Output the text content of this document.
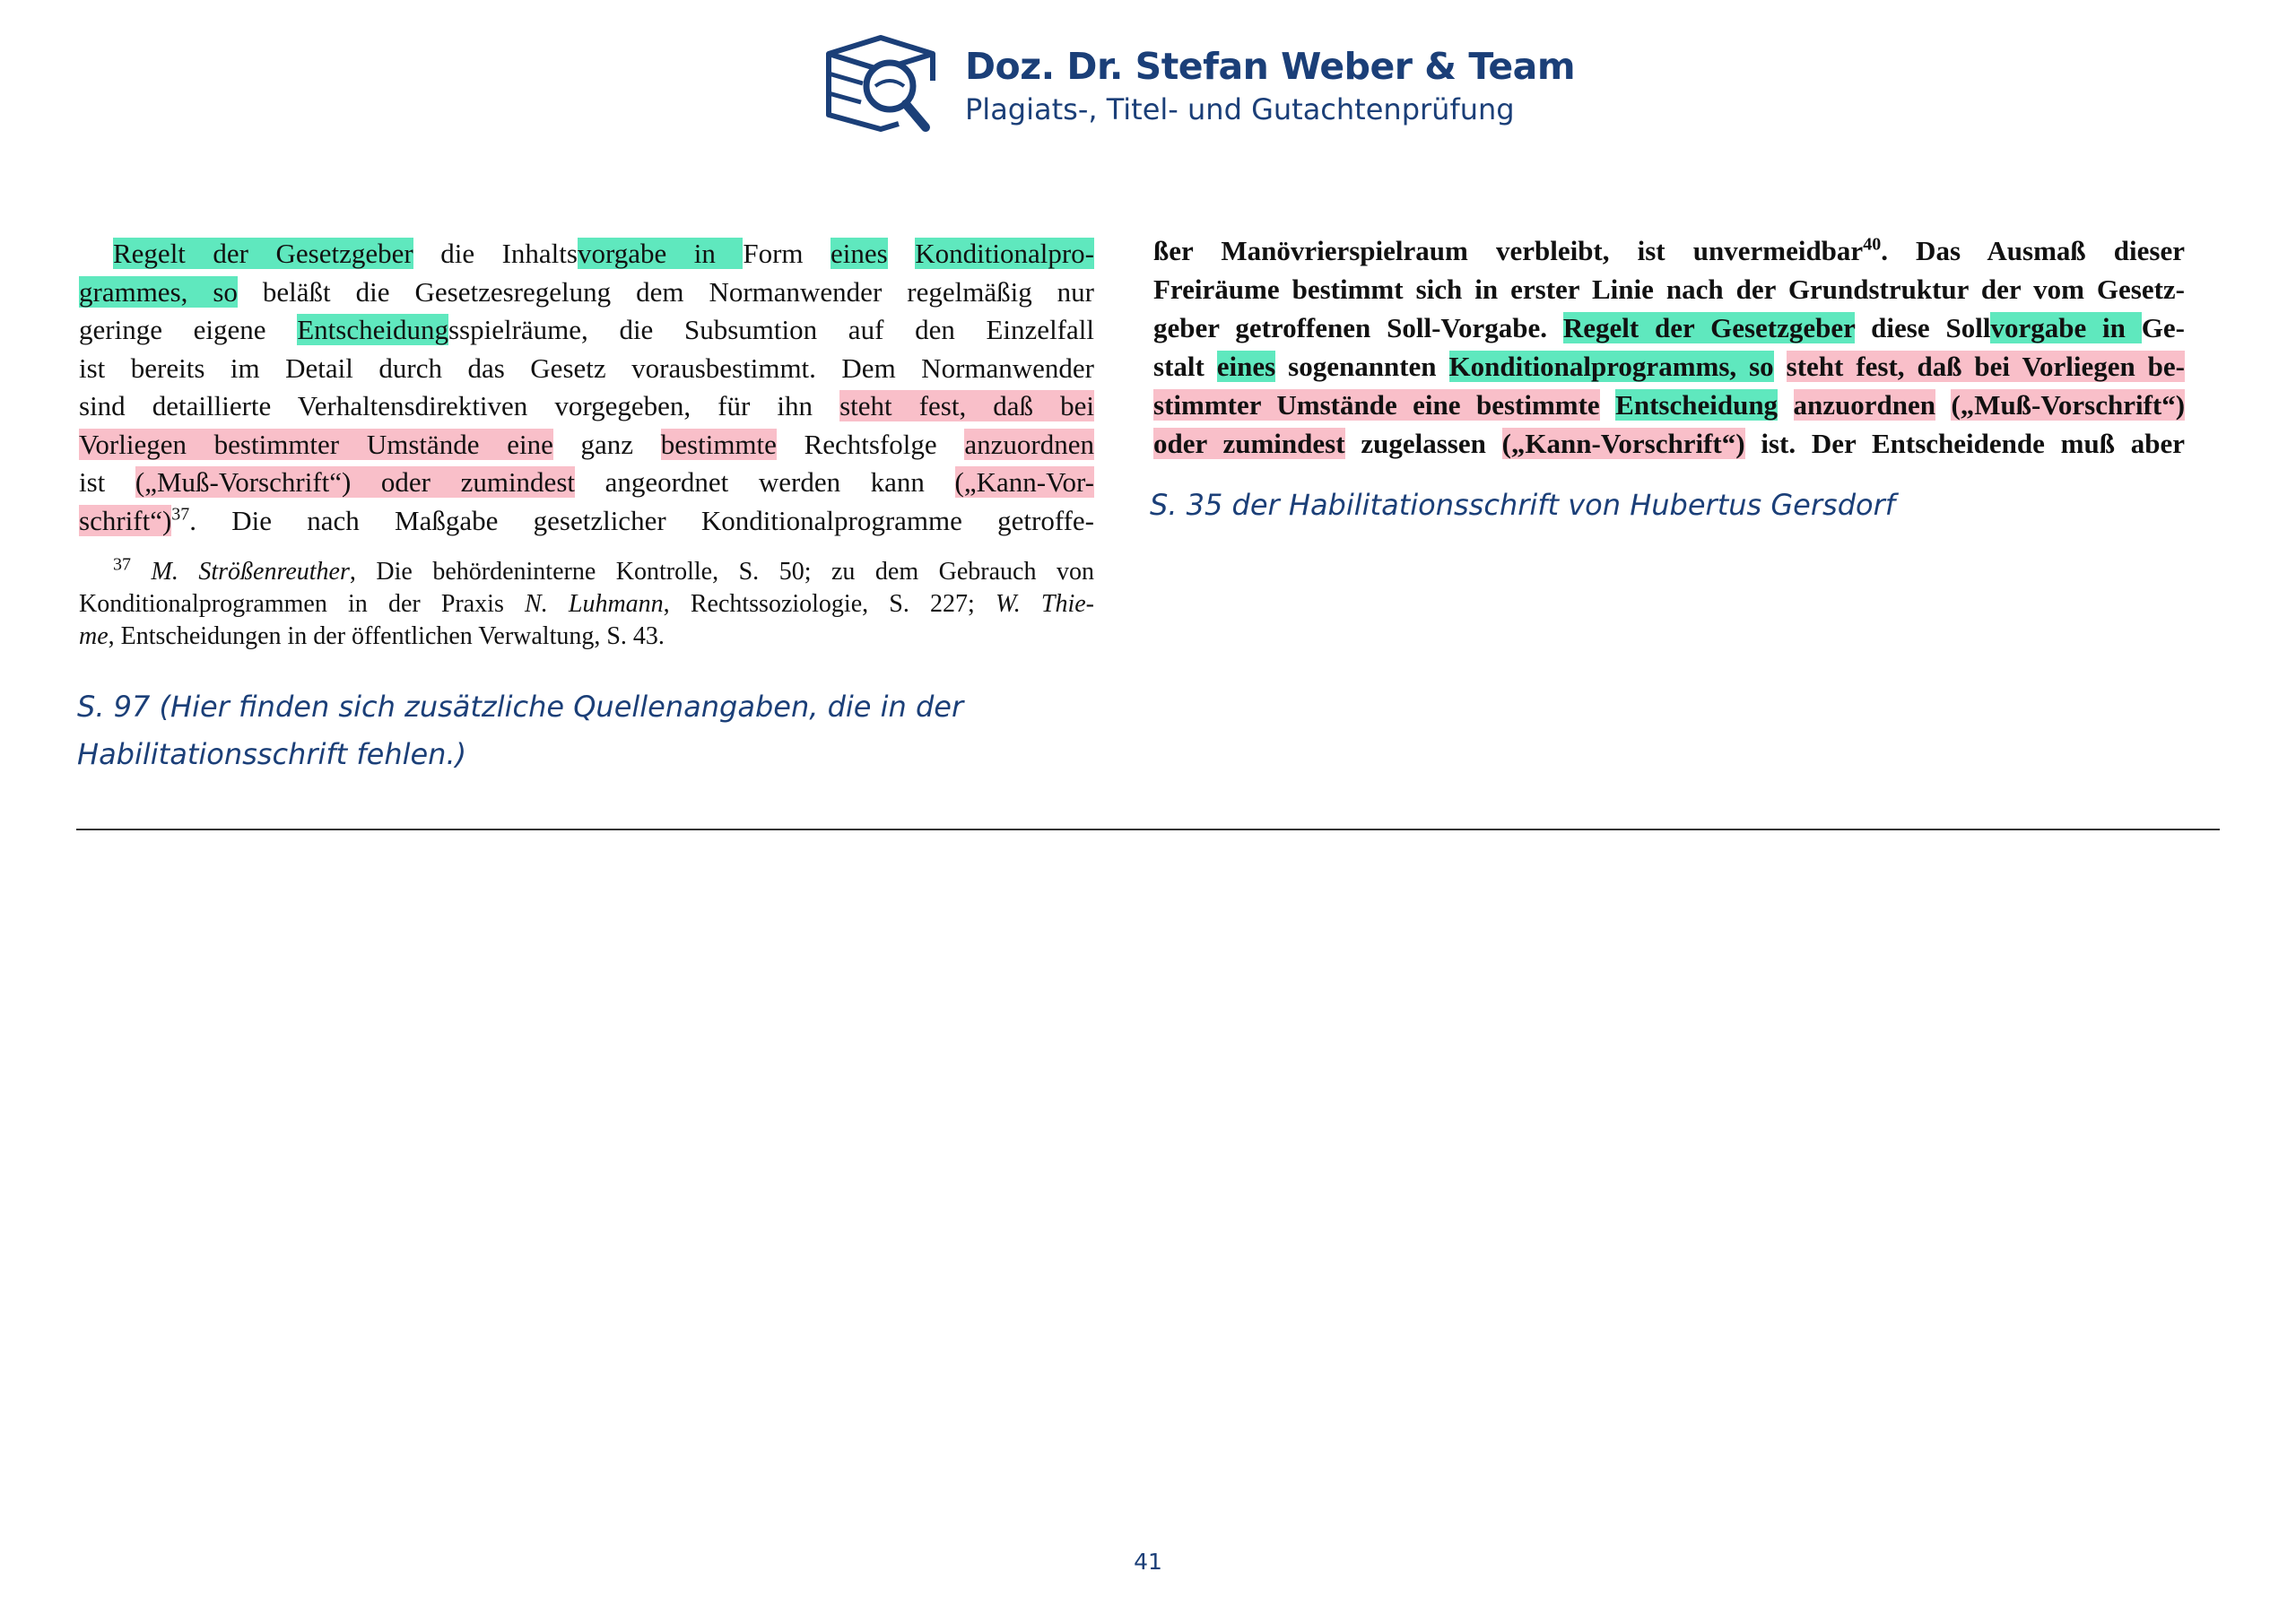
Doz. Dr. Stefan Weber & Team
Plagiats-, Titel- und Gutachtenprüfung
Regelt der Gesetzgeber die Inhaltsvorgabe in Form eines Konditionalpro-
grammes, so beläßt die Gesetzesregelung dem Normanwender regelmäßig nur
geringe eigene Entscheidungsspielräume, die Subsumtion auf den Einzelfall
ist bereits im Detail durch das Gesetz vorausbestimmt. Dem Normanwender
sind detaillierte Verhaltensdirektiven vorgegeben, für ihn steht fest, daß bei
Vorliegen bestimmter Umstände eine ganz bestimmte Rechtsfolge anzuordnen
ist („Muß-Vorschrift“) oder zumindest angeordnet werden kann („Kann-Vor-
schrift“)$^{37}$. Die nach Maßgabe gesetzlicher Konditionalprogramme getroffe-
$^{37}$ M. Strößenreuther, Die behördeninterne Kontrolle, S. 50; zu dem Gebrauch von
Konditionalprogrammen in der Praxis N. Luhmann, Rechtssoziologie, S. 227; W. Thie-
me, Entscheidungen in der öffentlichen Verwaltung, S. 43.
ßer Manövrierspielraum verbleibt, ist unvermeidbar$^{40}$. Das Ausmaß dieser
Freiräume bestimmt sich in erster Linie nach der Grundstruktur der vom Gesetz-
geber getroffenen Soll-Vorgabe. Regelt der Gesetzgeber diese Sollvorgabe in Ge-
stalt eines sogenannten Konditionalprogramms, so steht fest, daß bei Vorliegen be-
stimmter Umstände eine bestimmte Entscheidung anzuordnen („Muß-Vorschrift“)
oder zumindest zugelassen („Kann-Vorschrift“) ist. Der Entscheidende muß aber
S. 97 (Hier finden sich zusätzliche Quellenangaben, die in der Habilitationsschrift fehlen.)
S. 35 der Habilitationsschrift von Hubertus Gersdorf
41
